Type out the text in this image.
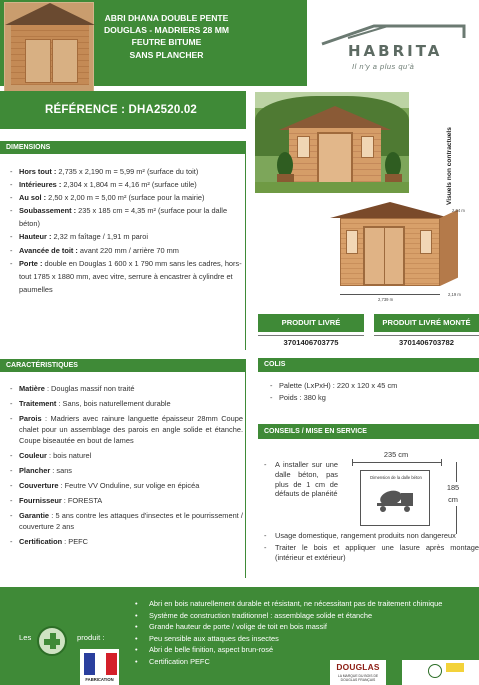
ABRI DHANA DOUBLE PENTE
DOUGLAS - MADRIERS 28 MM
FEUTRE BITUME
SANS PLANCHER
RÉFÉRENCE : DHA2520.02
HABRITA
Il n'y a plus qu'à
DIMENSIONS
- Hors tout : 2,735 x 2,190 m = 5,99 m² (surface du toit)
- Intérieures : 2,304 x 1,804 m = 4,16 m² (surface utile)
- Au sol : 2,50 x 2,00 m = 5,00 m² (surface pour la mairie)
- Soubassement : 235 x 185 cm = 4,35 m² (surface pour la dalle béton)
- Hauteur : 2,32 m faîtage / 1,91 m paroi
- Avancée de toit : avant 220 mm / arrière 70 mm
- Porte : double en Douglas 1 600 x 1 790 mm sans les cadres, hors-tout 1785 x 1880 mm, avec vitre, serrure à encastrer à cylindre et paumelles
Visuels non contractuels
2,64 m
2,739 m
2,19 m
PRODUIT LIVRÉ	PRODUIT LIVRÉ MONTÉ
3701406703775	3701406703782
CARACTÉRISTIQUES
- Matière : Douglas massif non traité
- Traitement : Sans, bois naturellement durable
- Parois : Madriers avec rainure languette épaisseur 28mm Coupe chalet pour un assemblage des parois en angle solide et étanche. Coupe biseautée en bout de lames
- Couleur : bois naturel
- Plancher : sans
- Couverture : Feutre VV Onduline, sur volige en épicéa
- Fournisseur : FORESTA
- Garantie : 5 ans contre les attaques d'insectes et le pourrissement / couverture 2 ans
- Certification : PEFC
COLIS
- Palette (LxPxH) : 220 x 120 x 45 cm
- Poids : 380 kg
CONSEILS / MISE EN SERVICE
- A installer sur une dalle béton, pas plus de 1 cm de défauts de planéité
235 cm
Dimension de la dalle béton
185
cm
- Usage domestique, rangement produits non dangereux
- Traiter le bois et appliquer une lasure après montage (intérieur et extérieur)
Les	produit :
• Abri en bois naturellement durable et résistant, ne nécessitant pas de traitement chimique
• Système de construction traditionnel : assemblage solide et étanche
• Grande hauteur de porte / volige de toit en bois massif
• Peu sensible aux attaques des insectes
• Abri de belle finition, aspect brun-rosé
• Certification PEFC
FABRICATION
DOUGLAS
LA MARQUE DU BOIS DE DOUGLAS FRANÇAIS
